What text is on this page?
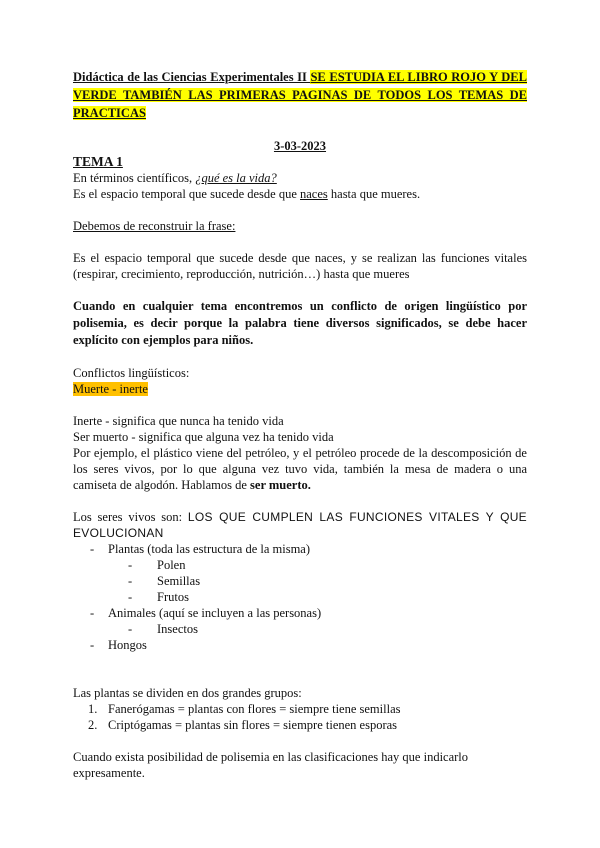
Didáctica de las Ciencias Experimentales II SE ESTUDIA EL LIBRO ROJO Y DEL VERDE TAMBIÉN LAS PRIMERAS PAGINAS DE TODOS LOS TEMAS DE PRACTICAS
3-03-2023
TEMA 1

En términos científicos, ¿qué es la vida?

Es el espacio temporal que sucede desde que naces hasta que mueres.

Debemos de reconstruir la frase:

Es el espacio temporal que sucede desde que naces, y se realizan las funciones vitales (respirar, crecimiento, reproducción, nutrición…) hasta que mueres

Cuando en cualquier tema encontremos un conflicto de origen lingüístico por polisemia, es decir porque la palabra tiene diversos significados, se debe hacer explícito con ejemplos para niños.

Conflictos lingüísticos:

Muerte - inerte

Inerte - significa que nunca ha tenido vida

Ser muerto - significa que alguna vez ha tenido vida

Por ejemplo, el plástico viene del petróleo, y el petróleo procede de la descomposición de los seres vivos, por lo que alguna vez tuvo vida, también la mesa de madera o una camiseta de algodón. Hablamos de ser muerto.

Los seres vivos son: LOS QUE CUMPLEN LAS FUNCIONES VITALES Y QUE EVOLUCIONAN

- Plantas (toda las estructura de la misma)
- Polen
- Semillas
- Frutos
- Animales (aquí se incluyen a las personas)
- Insectos
- Hongos

Las plantas se dividen en dos grandes grupos:

1. Fanerógamas = plantas con flores = siempre tiene semillas
2. Criptógamas = plantas sin flores = siempre tienen esporas

Cuando exista posibilidad de polisemia en las clasificaciones hay que indicarlo expresamente.
